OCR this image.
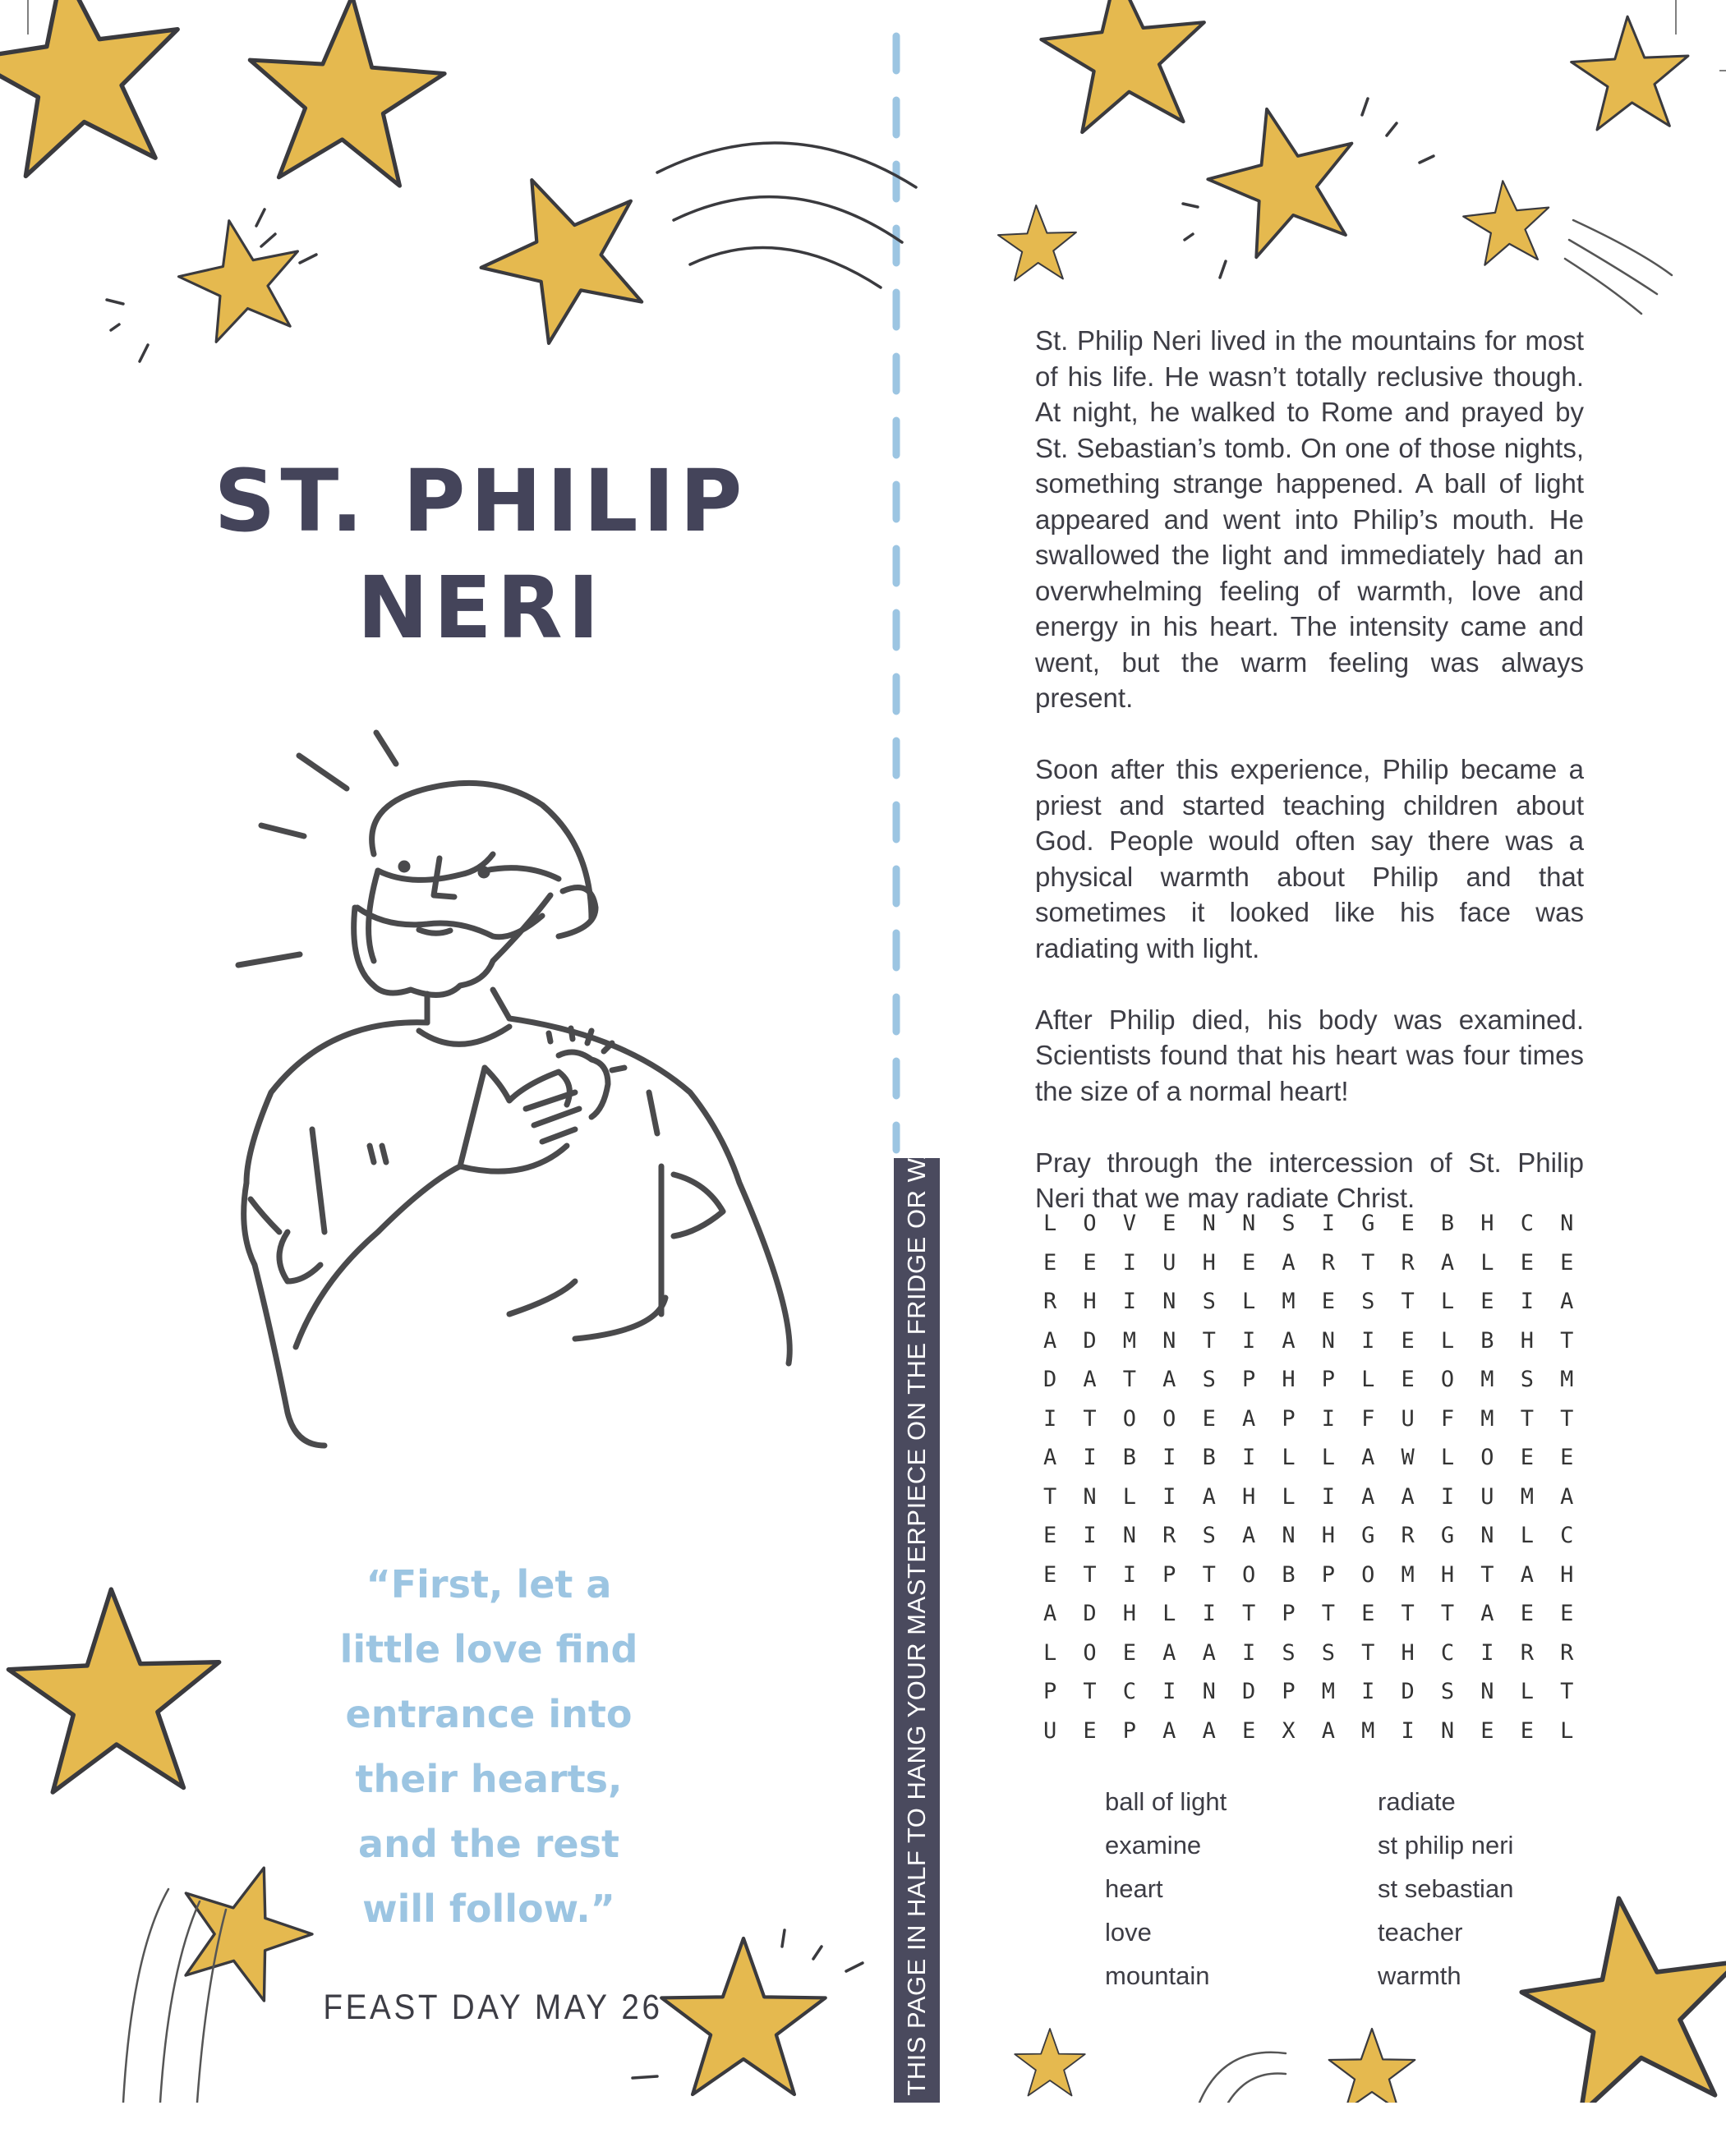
ST. PHILIP
NERI
“First, let a
little love find
entrance into
their hearts,
and the rest
will follow.”
FEAST DAY MAY 26	CUT THIS PAGE IN HALF TO HANG YOUR MASTERPIECE ON THE FRIDGE OR WALL!

St. Philip Neri lived in the mountains for most of his life. He wasn’t totally reclusive though. At night, he walked to Rome and prayed by St. Sebastian’s tomb. On one of those nights, something strange happened. A ball of light appeared and went into Philip’s mouth. He swallowed the light and immediately had an overwhelming feeling of warmth, love and energy in his heart. The intensity came and went, but the warm feeling was always present.

Soon after this experience, Philip became a priest and started teaching children about God. People would often say there was a physical warmth about Philip and that sometimes it looked like his face was radiating with light.

After Philip died, his body was examined. Scientists found that his heart was four times the size of a normal heart!

Pray through the intercession of St. Philip Neri that we may radiate Christ.

L	O	V	E	N	N	S	I	G	E	B	H	C	N
E	E	I	U	H	E	A	R	T	R	A	L	E	E
R	H	I	N	S	L	M	E	S	T	L	E	I	A
A	D	M	N	T	I	A	N	I	E	L	B	H	T
D	A	T	A	S	P	H	P	L	E	O	M	S	M
I	T	O	O	E	A	P	I	F	U	F	M	T	T
A	I	B	I	B	I	L	L	A	W	L	O	E	E
T	N	L	I	A	H	L	I	A	A	I	U	M	A
E	I	N	R	S	A	N	H	G	R	G	N	L	C
E	T	I	P	T	O	B	P	O	M	H	T	A	H
A	D	H	L	I	T	P	T	E	T	T	A	E	E
L	O	E	A	A	I	S	S	T	H	C	I	R	R
P	T	C	I	N	D	P	M	I	D	S	N	L	T
U	E	P	A	A	E	X	A	M	I	N	E	E	L
ball of light	radiate
examine	st philip neri
heart	st sebastian
love	teacher
mountain	warmth
